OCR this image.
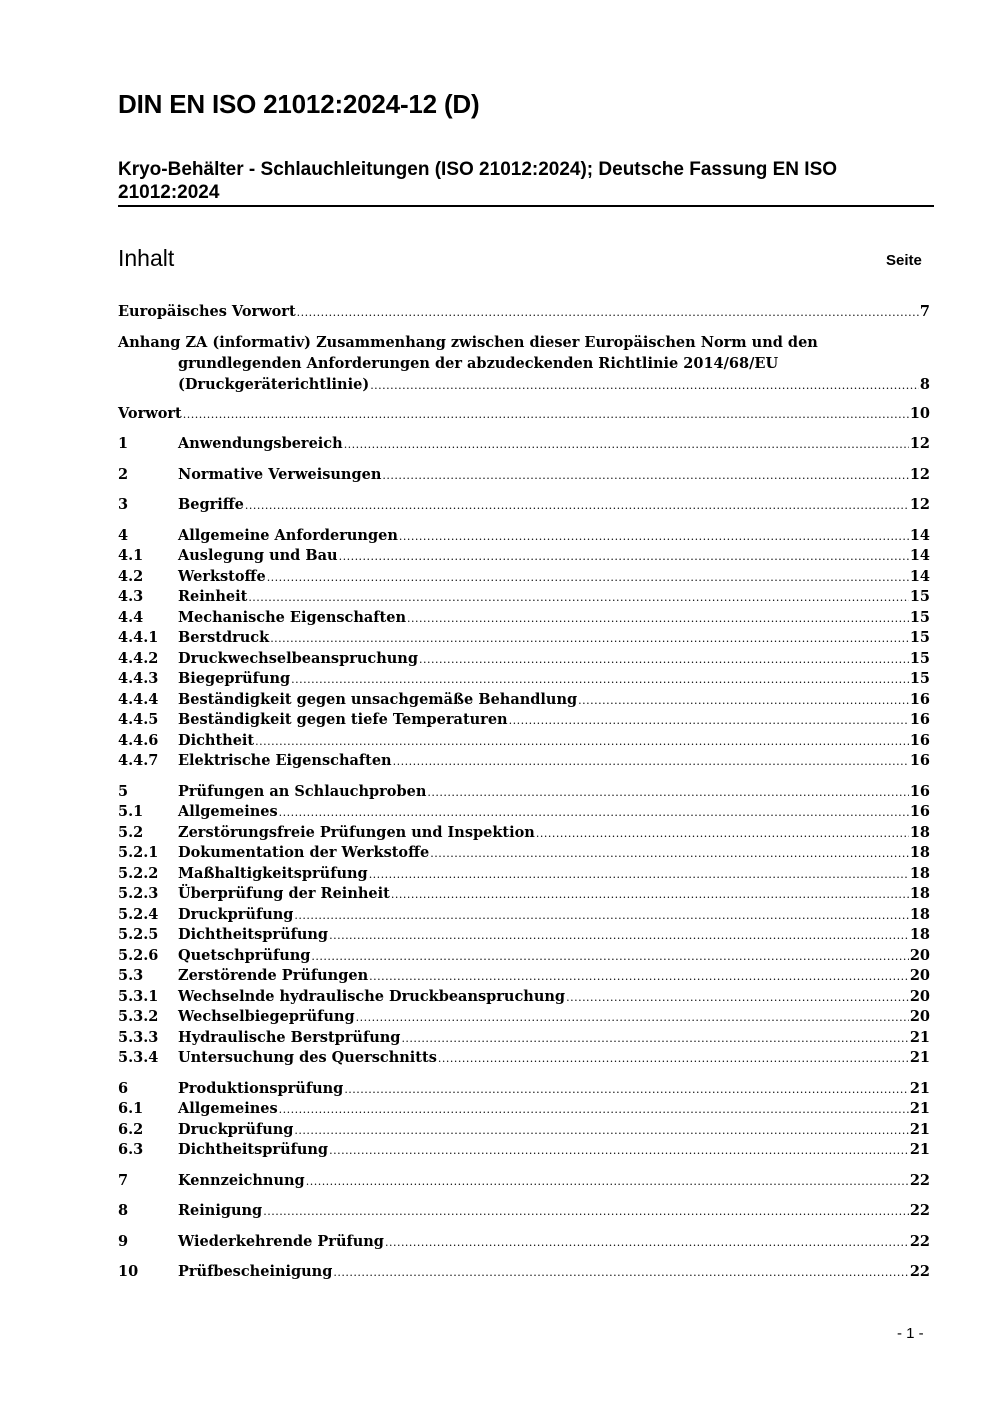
DIN EN ISO 21012:2024-12 (D)
Kryo-Behälter - Schlauchleitungen (ISO 21012:2024); Deutsche Fassung EN ISO
21012:2024
Inhalt	Seite
Anhang ZA (informativ) Zusammenhang zwischen dieser Europäischen Norm und den
grundlegenden Anforderungen der abzudeckenden Richtlinie 2014/68/EU
(Druckgeräterichtlinie) .....	8
Europäisches Vorwort .....	7
Vorwort .....	10
1	Anwendungsbereich .....	12
2	Normative Verweisungen .....	12
3	Begriffe .....	12
4	Allgemeine Anforderungen .....	14
4.1	Auslegung und Bau .....	14
4.2	Werkstoffe .....	14
4.3	Reinheit .....	15
4.4	Mechanische Eigenschaften .....	15
4.4.1	Berstdruck .....	15
4.4.2	Druckwechselbeanspruchung .....	15
4.4.3	Biegeprüfung .....	15
4.4.4	Beständigkeit gegen unsachgemäße Behandlung .....	16
4.4.5	Beständigkeit gegen tiefe Temperaturen .....	16
4.4.6	Dichtheit .....	16
4.4.7	Elektrische Eigenschaften .....	16
5	Prüfungen an Schlauchproben .....	16
5.1	Allgemeines .....	16
5.2	Zerstörungsfreie Prüfungen und Inspektion .....	18
5.2.1	Dokumentation der Werkstoffe .....	18
5.2.2	Maßhaltigkeitsprüfung .....	18
5.2.3	Überprüfung der Reinheit .....	18
5.2.4	Druckprüfung .....	18
5.2.5	Dichtheitsprüfung .....	18
5.2.6	Quetschprüfung .....	20
5.3	Zerstörende Prüfungen .....	20
5.3.1	Wechselnde hydraulische Druckbeanspruchung .....	20
5.3.2	Wechselbiegeprüfung .....	20
5.3.3	Hydraulische Berstprüfung .....	21
5.3.4	Untersuchung des Querschnitts .....	21
6	Produktionsprüfung .....	21
6.1	Allgemeines .....	21
6.2	Druckprüfung .....	21
6.3	Dichtheitsprüfung .....	21
7	Kennzeichnung .....	22
8	Reinigung .....	22
9	Wiederkehrende Prüfung .....	22
10	Prüfbescheinigung .....	22
- 1 -
